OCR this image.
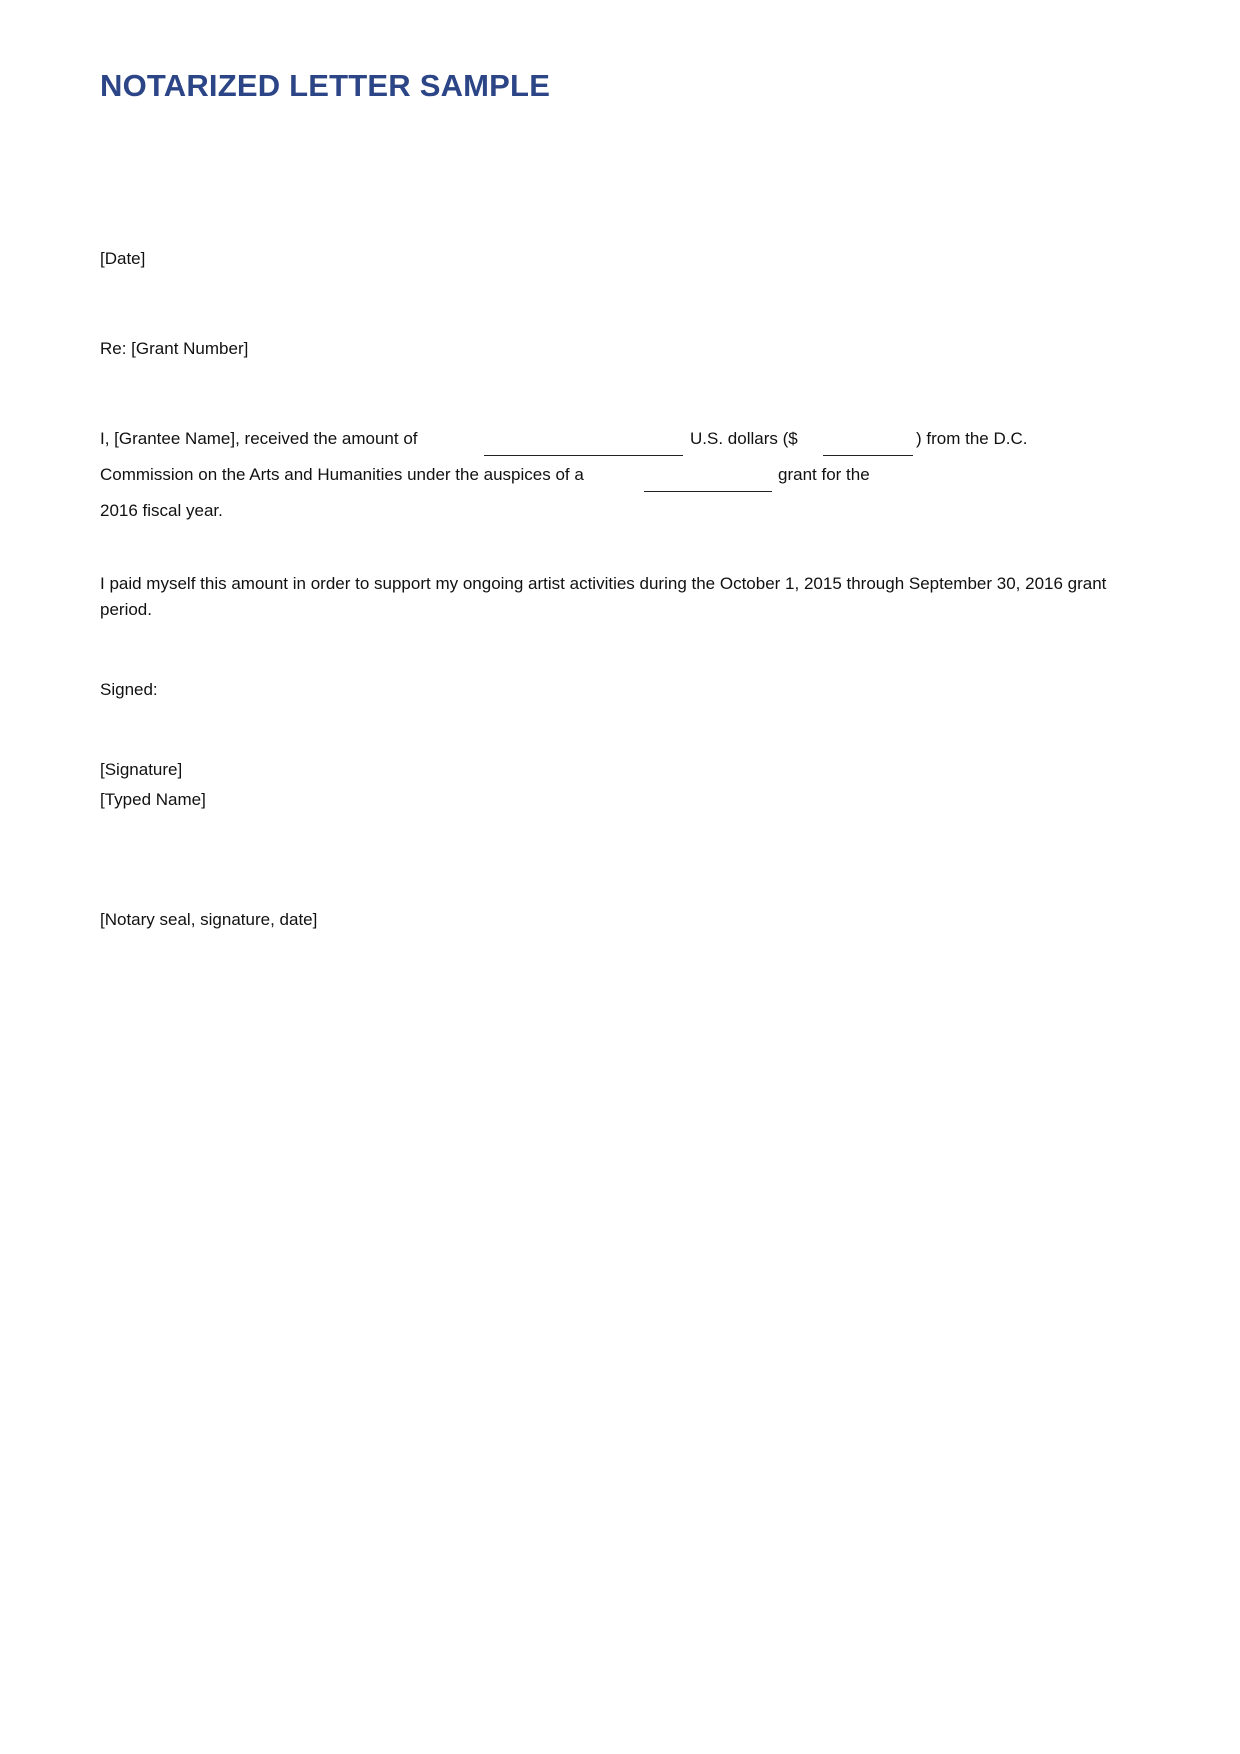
NOTARIZED LETTER SAMPLE
[Date]
Re: [Grant Number]
I, [Grantee Name], received the amount of	U.S. dollars ($	) from the D.C.
Commission on the Arts and Humanities under the auspices of a	grant for the
2016 fiscal year.
I paid myself this amount in order to support my ongoing artist activities during the October 1, 2015 through September 30, 2016 grant period.
Signed:
[Signature]
[Typed Name]
[Notary seal, signature, date]
